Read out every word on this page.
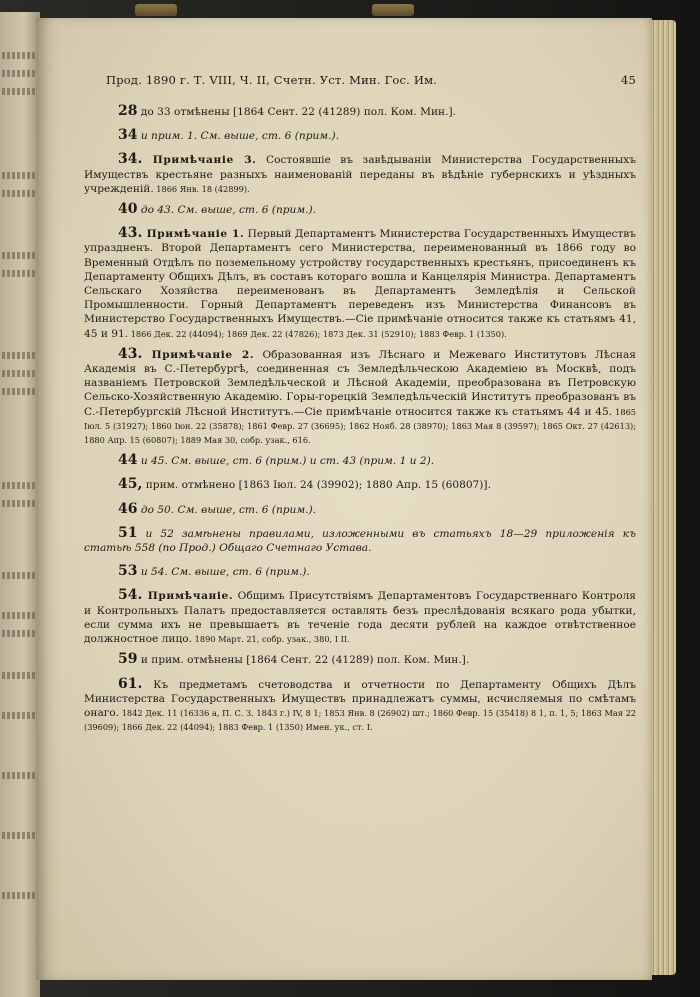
Прод. 1890 г. Т. VIII, Ч. II, Счетн. Уст. Мин. Гос. Им.	45

28 до 33 отмѣнены [1864 Сент. 22 (41289) пол. Ком. Мин.].

34 и прим. 1. См. выше, ст. 6 (прим.).

34. Примѣчаніе 3. Состоявшіе въ завѣдываніи Министерства Государственныхъ Имуществъ крестьяне разныхъ наименованій переданы въ вѣдѣніе губернскихъ и уѣздныхъ учрежденій. 1866 Янв. 18 (42899).

40 до 43. См. выше, ст. 6 (прим.).

43. Примѣчаніе 1. Первый Департаментъ Министерства Государственныхъ Имуществъ упраздненъ. Второй Департаментъ сего Министерства, переименованный въ 1866 году во Временный Отдѣлъ по поземельному устройству государственныхъ крестьянъ, присоединенъ къ Департаменту Общихъ Дѣлъ, въ составъ котораго вошла и Канцелярія Министра. Департаментъ Сельскаго Хозяйства переименованъ въ Департаментъ Земледѣлія и Сельской Промышленности. Горный Департаментъ переведенъ изъ Министерства Финансовъ въ Министерство Государственныхъ Имуществъ.—Сіе примѣчаніе относится также къ статьямъ 41, 45 и 91. 1866 Дек. 22 (44094); 1869 Дек. 22 (47826); 1873 Дек. 31 (52910); 1883 Февр. 1 (1350).

43. Примѣчаніе 2. Образованная изъ Лѣснаго и Межеваго Институтовъ Лѣсная Академія въ С.-Петербургѣ, соединенная съ Земледѣльческою Академіею въ Москвѣ, подъ названіемъ Петровской Земледѣльческой и Лѣсной Академіи, преобразована въ Петровскую Сельско-Хозяйственную Академію. Горы-горецкій Земледѣльческій Институтъ преобразованъ въ С.-Петербургскій Лѣсной Институтъ.—Сіе примѣчаніе относится также къ статьямъ 44 и 45. 1865 Іюл. 5 (31927); 1860 Іюн. 22 (35878); 1861 Февр. 27 (36695); 1862 Нояб. 28 (38970); 1863 Мая 8 (39597); 1865 Окт. 27 (42613); 1880 Апр. 15 (60807); 1889 Мая 30, собр. узак., 616.

44 и 45. См. выше, ст. 6 (прим.) и ст. 43 (прим. 1 и 2).

45, прим. отмѣнено [1863 Іюл. 24 (39902); 1880 Апр. 15 (60807)].

46 до 50. См. выше, ст. 6 (прим.).

51 и 52 замѣнены правилами, изложенными въ статьяхъ 18—29 приложенія къ статьѣ 558 (по Прод.) Общаго Счетнаго Устава.

53 и 54. См. выше, ст. 6 (прим.).

54. Примѣчаніе. Общимъ Присутствіямъ Департаментовъ Государственнаго Контроля и Контрольныхъ Палатъ предоставляется оставлять безъ преслѣдованія всякаго рода убытки, если сумма ихъ не превышаетъ въ теченіе года десяти рублей на каждое отвѣтственное должностное лицо. 1890 Март. 21, собр. узак., 380, I II.

59 и прим. отмѣнены [1864 Сент. 22 (41289) пол. Ком. Мин.].

61. Къ предметамъ счетоводства и отчетности по Департаменту Общихъ Дѣлъ Министерства Государственныхъ Имуществъ принадлежатъ суммы, исчисляемыя по смѣтамъ онаго. 1842 Дек. 11 (16336 а, П. С. З. 1843 г.) IV, 8 1; 1853 Янв. 8 (26902) шт.; 1860 Февр. 15 (35418) 8 1, п. 1, 5; 1863 Мая 22 (39609); 1866 Дек. 22 (44094); 1883 Февр. 1 (1350) Имен. ук., ст. I.
